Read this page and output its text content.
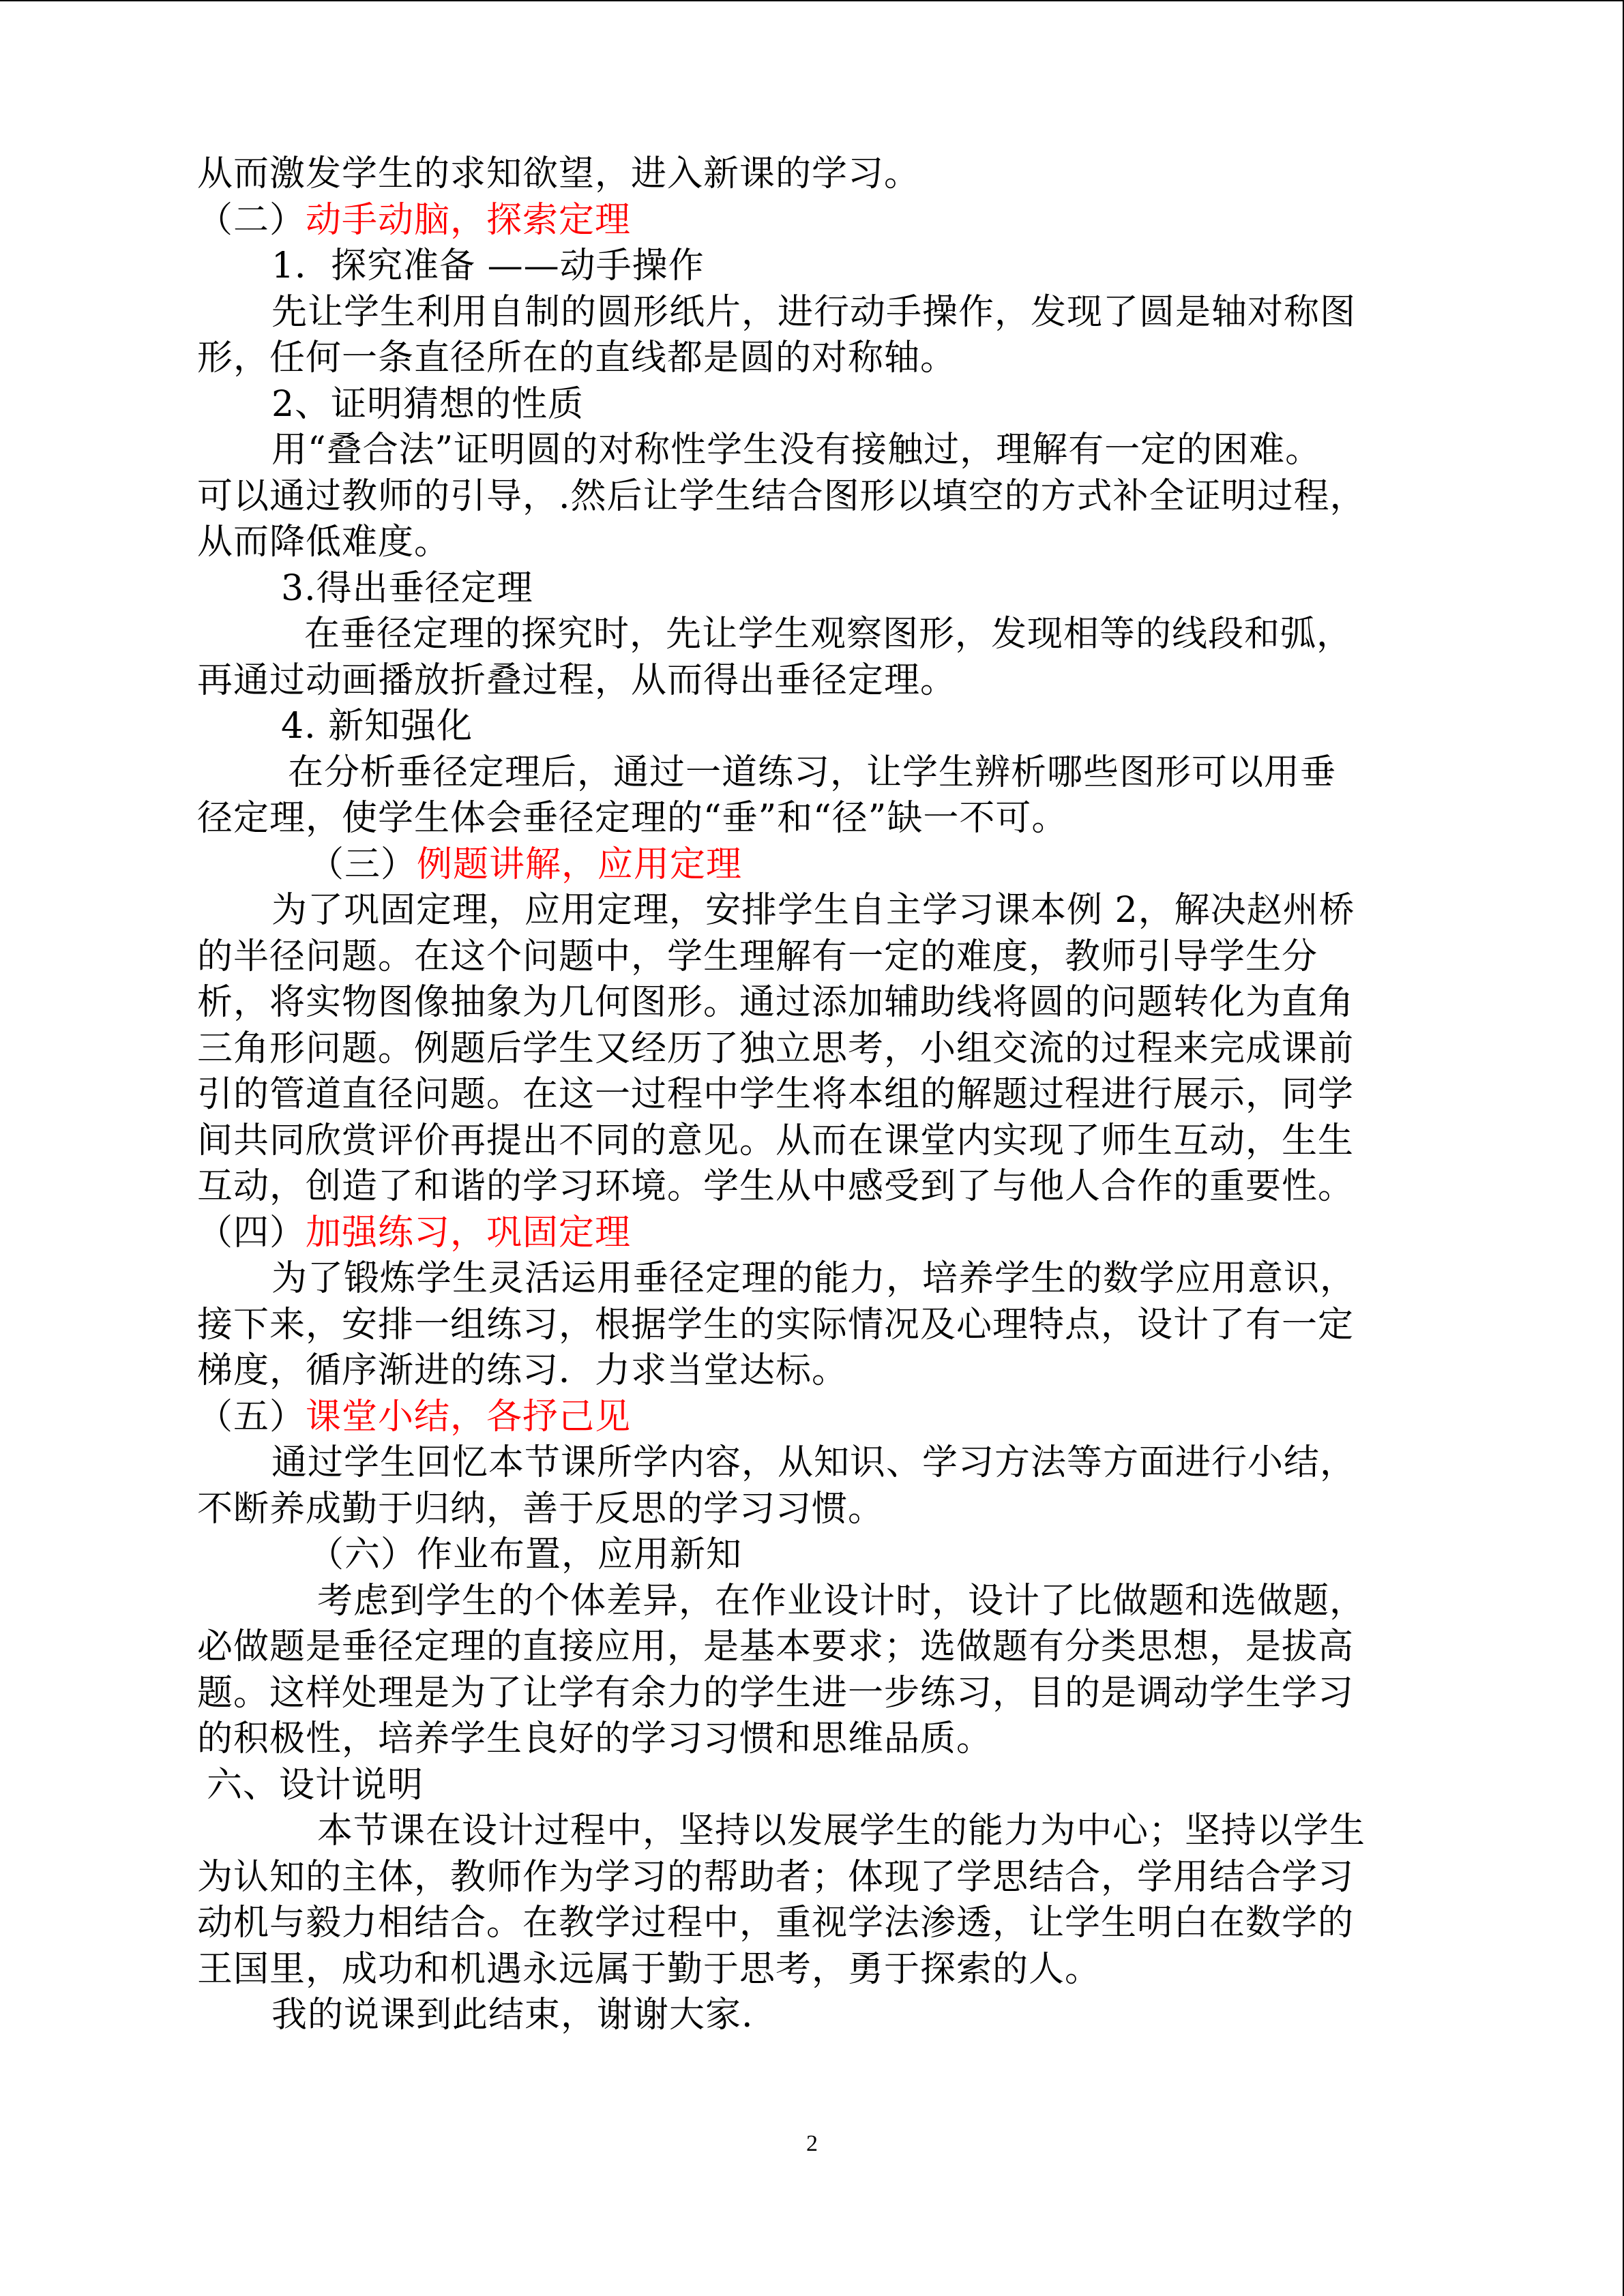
从而激发学生的求知欲望，进入新课的学习。

（二）动手动脑，探索定理

1．探究准备 ——动手操作

先让学生利用自制的圆形纸片，进行动手操作，发现了圆是轴对称图

形，任何一条直径所在的直线都是圆的对称轴。

2、证明猜想的性质

用“叠合法”证明圆的对称性学生没有接触过，理解有一定的困难。

可以通过教师的引导，.然后让学生结合图形以填空的方式补全证明过程，

从而降低难度。

3.得出垂径定理

在垂径定理的探究时，先让学生观察图形，发现相等的线段和弧，

再通过动画播放折叠过程，从而得出垂径定理。

4. 新知强化

在分析垂径定理后，通过一道练习，让学生辨析哪些图形可以用垂

径定理，使学生体会垂径定理的“垂”和“径”缺一不可。

（三）例题讲解，应用定理

为了巩固定理，应用定理，安排学生自主学习课本例 2，解决赵州桥

的半径问题。在这个问题中，学生理解有一定的难度，教师引导学生分

析，将实物图像抽象为几何图形。通过添加辅助线将圆的问题转化为直角

三角形问题。例题后学生又经历了独立思考，小组交流的过程来完成课前

引的管道直径问题。在这一过程中学生将本组的解题过程进行展示，同学

间共同欣赏评价再提出不同的意见。从而在课堂内实现了师生互动，生生

互动，创造了和谐的学习环境。学生从中感受到了与他人合作的重要性。

（四）加强练习，巩固定理

为了锻炼学生灵活运用垂径定理的能力，培养学生的数学应用意识，

接下来，安排一组练习，根据学生的实际情况及心理特点，设计了有一定

梯度，循序渐进的练习．力求当堂达标。

（五）课堂小结，各抒己见

通过学生回忆本节课所学内容，从知识、学习方法等方面进行小结，

不断养成勤于归纳，善于反思的学习习惯。

（六）作业布置，应用新知

考虑到学生的个体差异，在作业设计时，设计了比做题和选做题，

必做题是垂径定理的直接应用，是基本要求；选做题有分类思想，是拔高

题。这样处理是为了让学有余力的学生进一步练习，目的是调动学生学习

的积极性，培养学生良好的学习习惯和思维品质。

六、设计说明

本节课在设计过程中，坚持以发展学生的能力为中心；坚持以学生

为认知的主体，教师作为学习的帮助者；体现了学思结合，学用结合学习

动机与毅力相结合。在教学过程中，重视学法渗透，让学生明白在数学的

王国里，成功和机遇永远属于勤于思考，勇于探索的人。

我的说课到此结束，谢谢大家.

2
